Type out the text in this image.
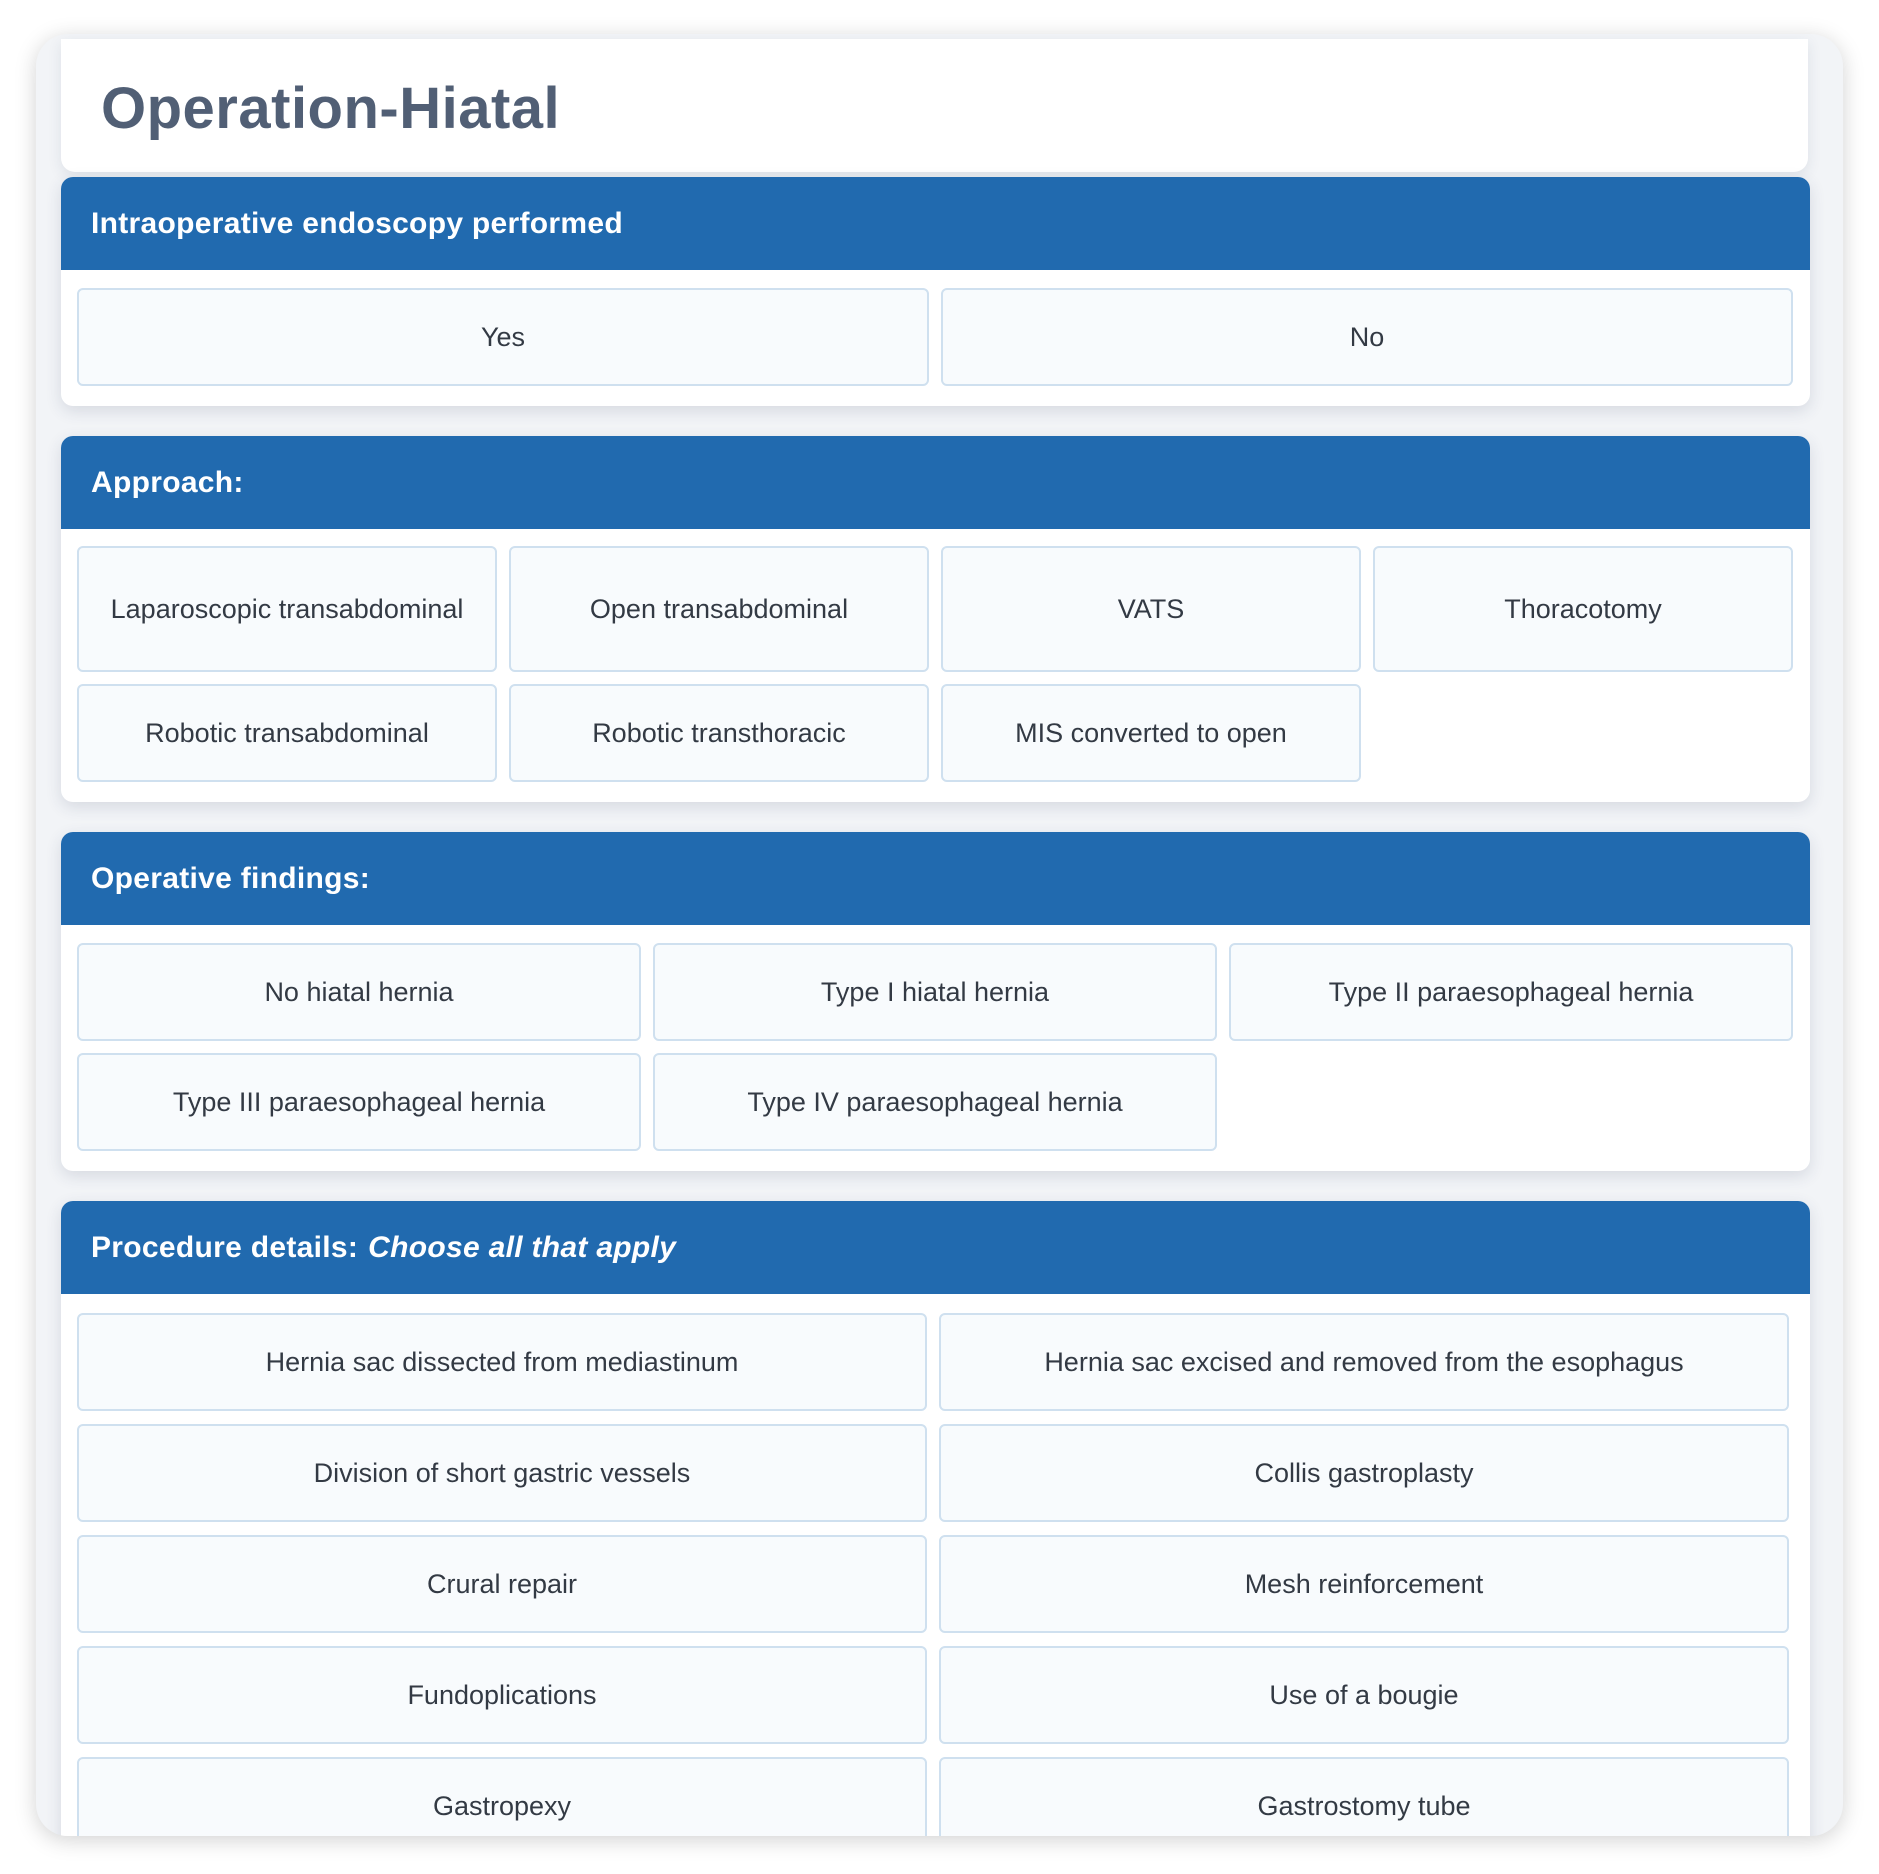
Operation-Hiatal
Intraoperative endoscopy performed
Yes	No
Approach:
Laparoscopic transabdominal	Open transabdominal	VATS	Thoracotomy
Robotic transabdominal	Robotic transthoracic	MIS converted to open
Operative findings:
No hiatal hernia	Type I hiatal hernia	Type II paraesophageal hernia
Type III paraesophageal hernia	Type IV paraesophageal hernia
Procedure details: Choose all that apply
Hernia sac dissected from mediastinum	Hernia sac excised and removed from the esophagus
Division of short gastric vessels	Collis gastroplasty
Crural repair	Mesh reinforcement
Fundoplications	Use of a bougie
Gastropexy	Gastrostomy tube
